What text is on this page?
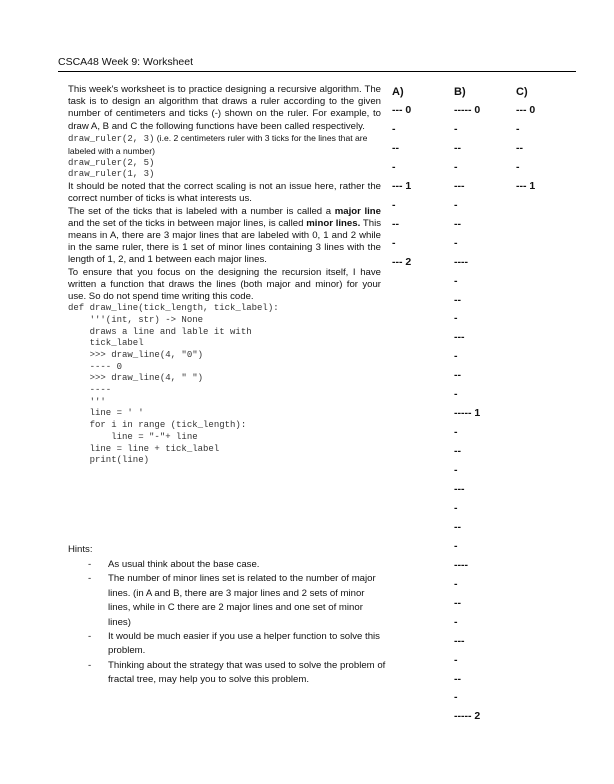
CSCA48 Week 9: Worksheet

This week's worksheet is to practice designing a recursive algorithm. The task is to design an algorithm that draws a ruler according to the given number of centimeters and ticks (-) shown on the ruler. For example, to draw A, B and C the following functions have been called respectively.

draw_ruler(2, 3) (i.e. 2 centimeters ruler with 3 ticks for the lines that are labeled with a number)
draw_ruler(2, 5)
draw_ruler(1, 3)

It should be noted that the correct scaling is not an issue here, rather the correct number of ticks is what interests us.

The set of the ticks that is labeled with a number is called a major line and the set of the ticks in between major lines, is called minor lines. This means in A, there are 3 major lines that are labeled with 0, 1 and 2 while in the same ruler, there is 1 set of minor lines containing 3 lines with the length of 1, 2, and 1 between each major lines.

To ensure that you focus on the designing the recursion itself, I have written a function that draws the lines (both major and minor) for your use. So do not spend time writing this code.

def draw_line(tick_length, tick_label):
'''(int, str) -> None
draws a line and lable it with
tick_label
>>> draw_line(4, "0")
---- 0
>>> draw_line(4, " ")
----
'''
line = ' '
for i in range (tick_length):
line = "-"+ line
line = line + tick_label
print(line)
Hints:
- As usual think about the base case.
- The number of minor lines set is related to the number of major lines. (in A and B, there are 3 major lines and 2 sets of minor lines, while in C there are 2 major lines and one set of minor lines)
- It would be much easier if you use a helper function to solve this problem.
- Thinking about the strategy that was used to solve the problem of fractal tree, may help you to solve this problem.
A)	B)	C)
--- 0
-
--
-
--- 1
-
--
-
--- 2
----- 0
-
--
-
---
-
--
-
----
-
--
-
---
-
--
-
----- 1
-
--
-
---
-
--
-
----
-
--
-
---
-
--
-
----- 2
--- 0
-
--
-
--- 1
